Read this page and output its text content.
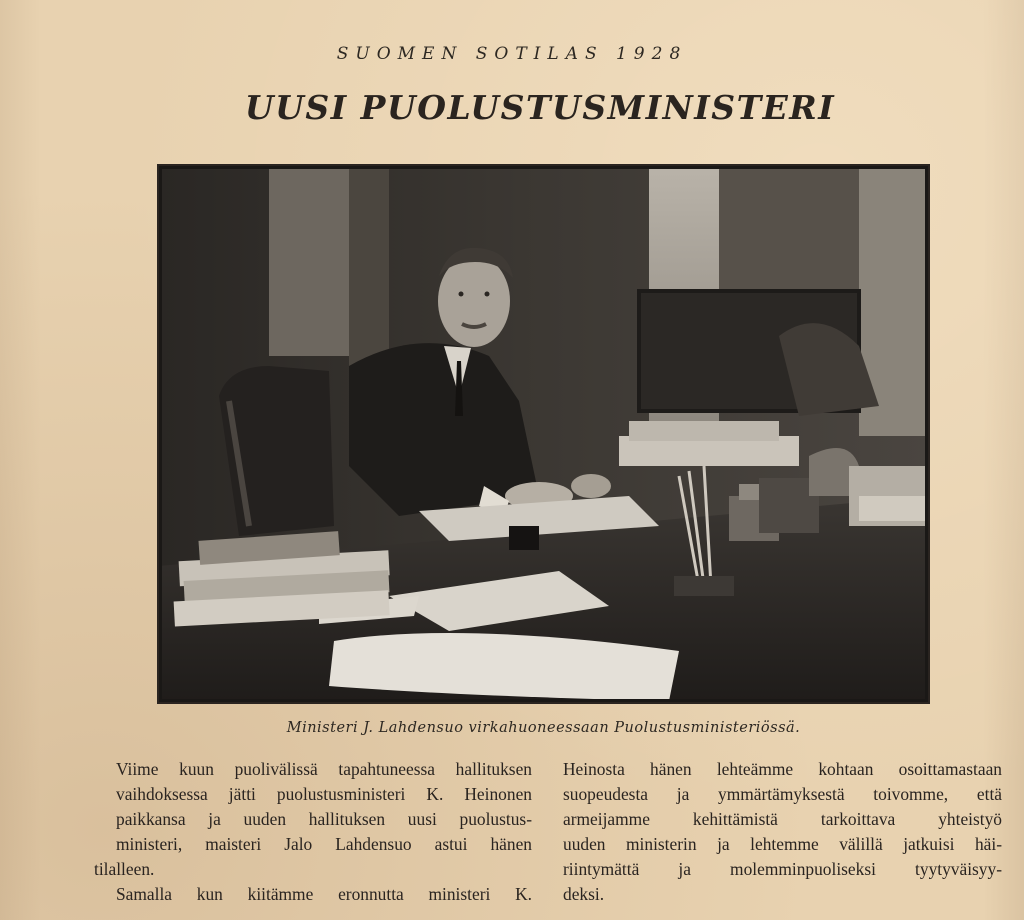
SUOMEN SOTILAS 1928
UUSI PUOLUSTUSMINISTERI
Ministeri J. Lahdensuo virkahuoneessaan Puolustusministeriössä.

Viime kuun puolivälissä tapahtuneessa hallituksen
vaihdoksessa jätti puolustusministeri K. Heinonen
paikkansa ja uuden hallituksen uusi puolustus-
ministeri, maisteri Jalo Lahdensuo astui hänen

tilalleen.

Samalla kun kiitämme eronnutta ministeri K.

Heinosta hänen lehteämme kohtaan osoittamastaan
suopeudesta ja ymmärtämyksestä toivomme, että
armeijamme kehittämistä tarkoittava yhteistyö
uuden ministerin ja lehtemme välillä jatkuisi häi-
riintymättä ja molemminpuoliseksi tyytyväisyy-

deksi.
